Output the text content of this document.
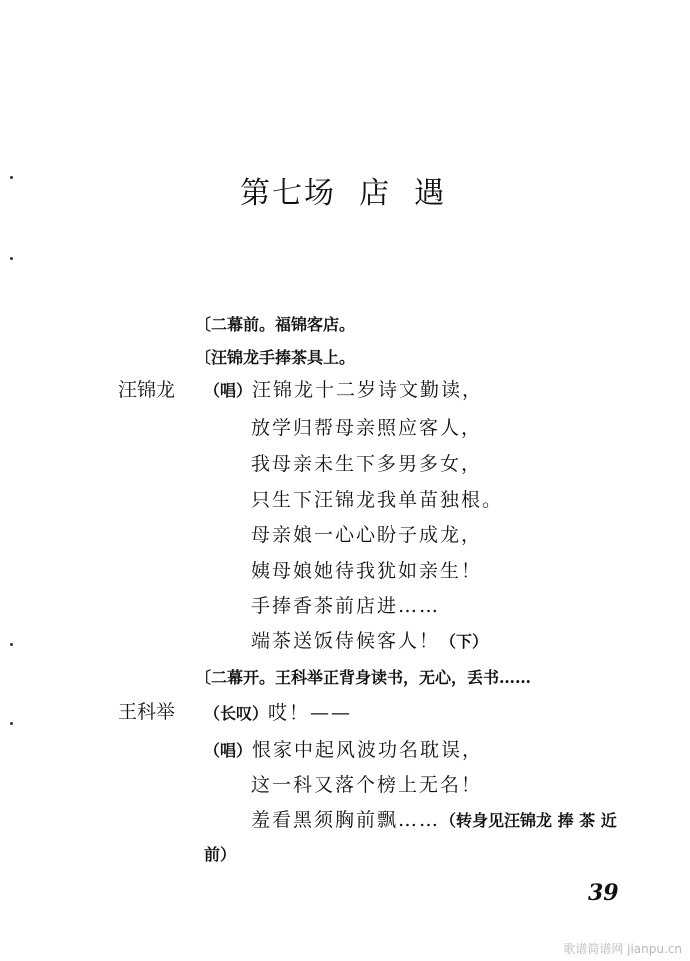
第七场  店  遇
〔二幕前。福锦客店。
〔汪锦龙手捧茶具上。
汪锦龙 （唱）汪锦龙十二岁诗文勤读，
放学归帮母亲照应客人，
我母亲未生下多男多女，
只生下汪锦龙我单苗独根。
母亲娘一心心盼子成龙，
姨母娘她待我犹如亲生！
手捧香茶前店进……
端茶送饭侍候客人！（下）
〔二幕开。王科举正背身读书，无心，丢书……
王科举 （长叹）哎！——
（唱）恨家中起风波功名耽误，
这一科又落个榜上无名！
羞看黑须胸前飘……（转身见汪锦龙 捧 茶 近
前）
39
歌谱简谱网 jianpu.cn
